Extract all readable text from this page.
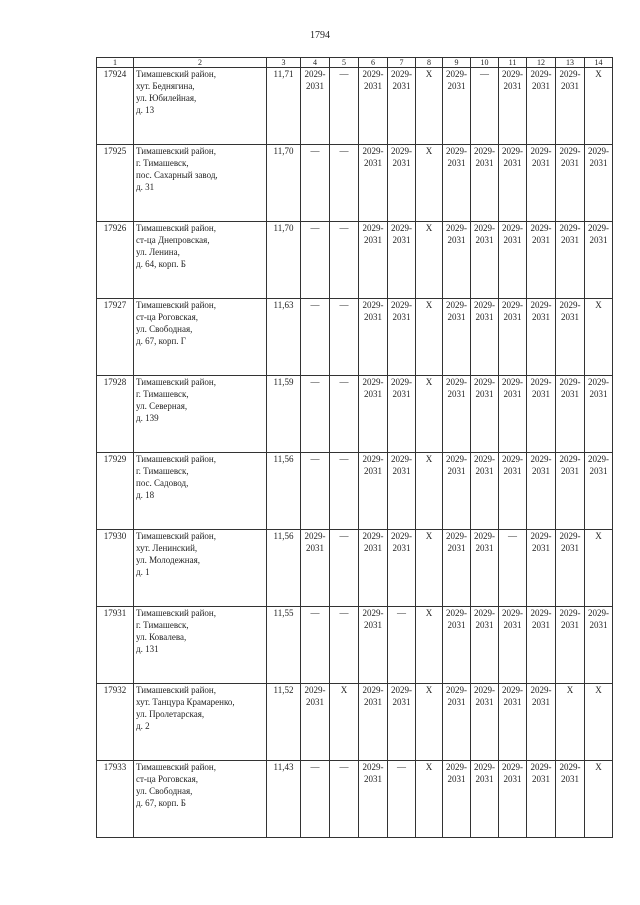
1794
1	2	3	4	5	6	7	8	9	10	11	12	13	14
17924	Тимашевский район,
хут. Беднягина,
ул. Юбилейная,
д. 13	11,71	2029-
2031	—	2029-
2031	2029-
2031	X	2029-
2031	—	2029-
2031	2029-
2031	2029-
2031	X
17925	Тимашевский район,
г. Тимашевск,
пос. Сахарный завод,
д. 31	11,70	—	—	2029-
2031	2029-
2031	X	2029-
2031	2029-
2031	2029-
2031	2029-
2031	2029-
2031	2029-
2031
17926	Тимашевский район,
ст-ца Днепровская,
ул. Ленина,
д. 64, корп. Б	11,70	—	—	2029-
2031	2029-
2031	X	2029-
2031	2029-
2031	2029-
2031	2029-
2031	2029-
2031	2029-
2031
17927	Тимашевский район,
ст-ца Роговская,
ул. Свободная,
д. 67, корп. Г	11,63	—	—	2029-
2031	2029-
2031	X	2029-
2031	2029-
2031	2029-
2031	2029-
2031	2029-
2031	X
17928	Тимашевский район,
г. Тимашевск,
ул. Северная,
д. 139	11,59	—	—	2029-
2031	2029-
2031	X	2029-
2031	2029-
2031	2029-
2031	2029-
2031	2029-
2031	2029-
2031
17929	Тимашевский район,
г. Тимашевск,
пос. Садовод,
д. 18	11,56	—	—	2029-
2031	2029-
2031	X	2029-
2031	2029-
2031	2029-
2031	2029-
2031	2029-
2031	2029-
2031
17930	Тимашевский район,
хут. Ленинский,
ул. Молодежная,
д. 1	11,56	2029-
2031	—	2029-
2031	2029-
2031	X	2029-
2031	2029-
2031	—	2029-
2031	2029-
2031	X
17931	Тимашевский район,
г. Тимашевск,
ул. Ковалева,
д. 131	11,55	—	—	2029-
2031	—	X	2029-
2031	2029-
2031	2029-
2031	2029-
2031	2029-
2031	2029-
2031
17932	Тимашевский район,
хут. Танцура Крамаренко,
ул. Пролетарская,
д. 2	11,52	2029-
2031	X	2029-
2031	2029-
2031	X	2029-
2031	2029-
2031	2029-
2031	2029-
2031	X	X
17933	Тимашевский район,
ст-ца Роговская,
ул. Свободная,
д. 67, корп. Б	11,43	—	—	2029-
2031	—	X	2029-
2031	2029-
2031	2029-
2031	2029-
2031	2029-
2031	X
